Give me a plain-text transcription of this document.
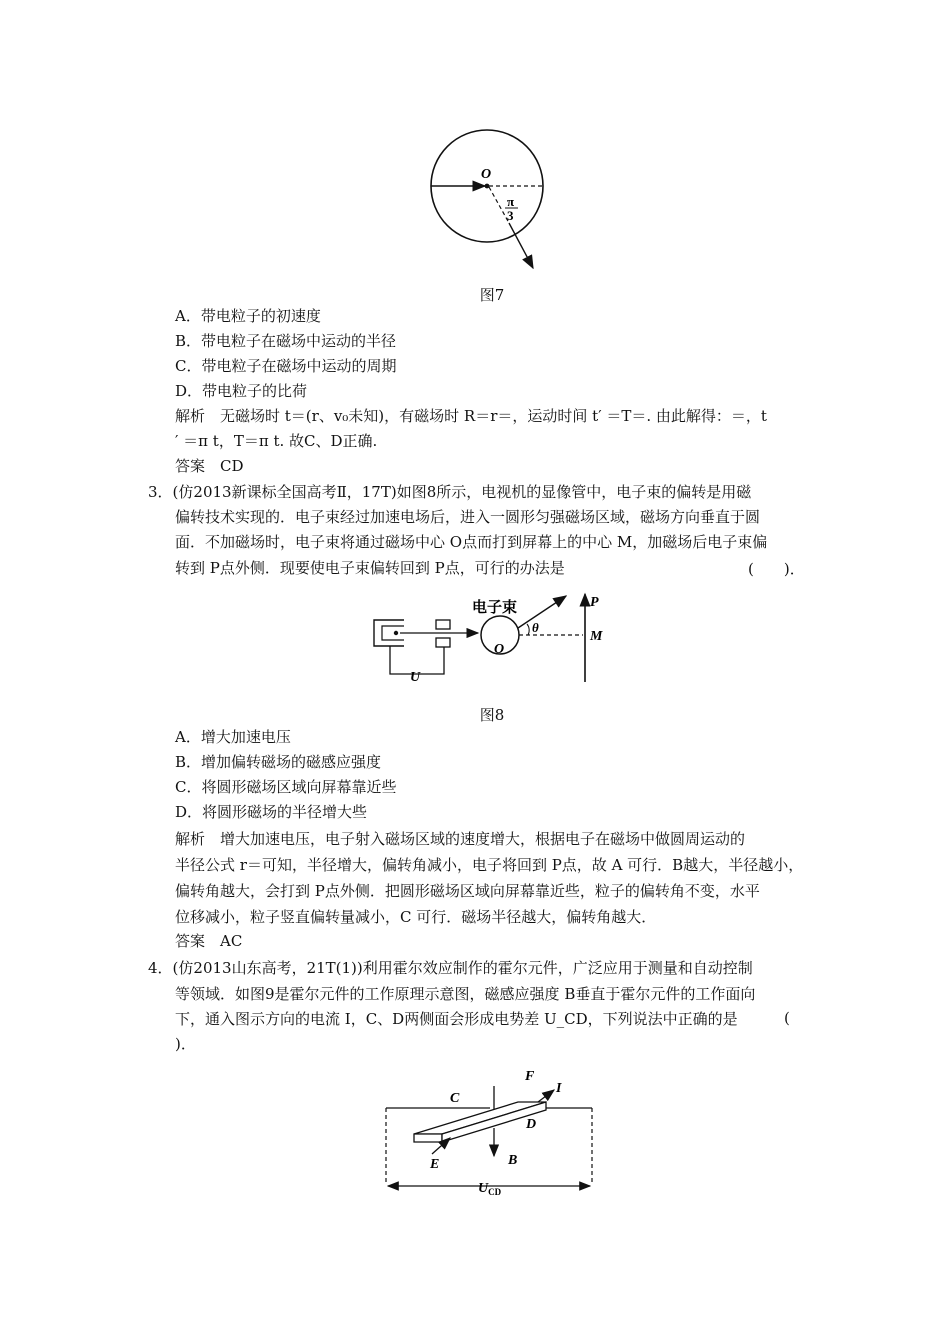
O
π
3
图7
A．带电粒子的初速度
B．带电粒子在磁场中运动的半径
C．带电粒子在磁场中运动的周期
D．带电粒子的比荷
解析　无磁场时 t＝(r、v₀未知)，有磁场时 R＝r＝，运动时间 t′ ＝T＝. 由此解得：＝，t
′ ＝π t，T＝π t. 故C、D正确.
答案　CD
3．(仿2013新课标全国高考Ⅱ，17T)如图8所示，电视机的显像管中，电子束的偏转是用磁
偏转技术实现的．电子束经过加速电场后，进入一圆形匀强磁场区域，磁场方向垂直于圆
面．不加磁场时，电子束将通过磁场中心 O点而打到屏幕上的中心 M，加磁场后电子束偏
转到 P点外侧．现要使电子束偏转回到 P点，可行的办法是	(　　)．
U
O
θ
电子束	P
M
图8
A．增大加速电压
B．增加偏转磁场的磁感应强度
C．将圆形磁场区域向屏幕靠近些
D．将圆形磁场的半径增大些
解析　增大加速电压，电子射入磁场区域的速度增大，根据电子在磁场中做圆周运动的
半径公式 r＝可知，半径增大，偏转角减小，电子将回到 P点，故 A 可行．B越大，半径越小，
偏转角越大，会打到 P点外侧．把圆形磁场区域向屏幕靠近些，粒子的偏转角不变，水平
位移减小，粒子竖直偏转量减小，C 可行．磁场半径越大，偏转角越大．
答案　AC
4．(仿2013山东高考，21T(1))利用霍尔效应制作的霍尔元件，广泛应用于测量和自动控制
等领域．如图9是霍尔元件的工作原理示意图，磁感应强度 B垂直于霍尔元件的工作面向
下，通入图示方向的电流 I，C、D两侧面会形成电势差 U_CD，下列说法中正确的是	(
)．
C
D
E
F
I
B
$U_{CD}$
